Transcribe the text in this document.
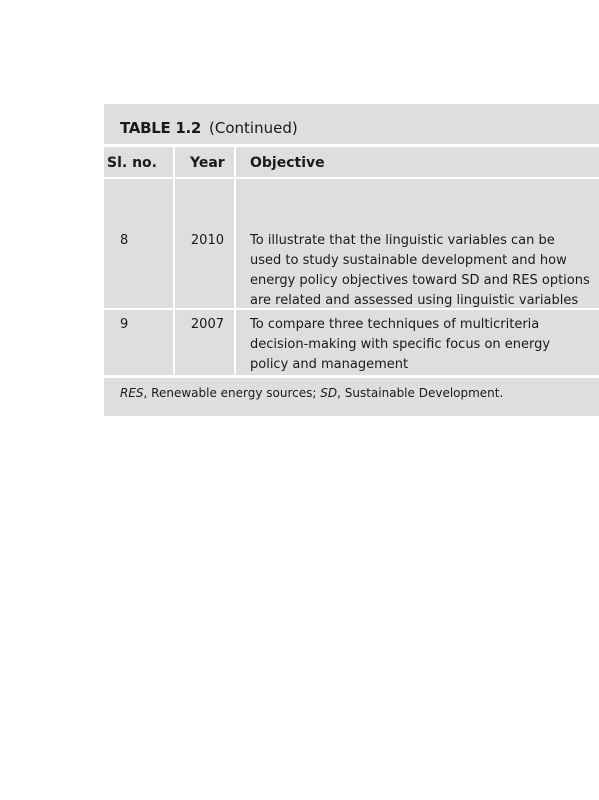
TABLE 1.2 (Continued)
Sl. no. Year Objective
8	2010 To illustrate that the linguistic variables can be used to study sustainable development and how energy policy objectives toward SD and RES options are related and assessed using linguistic variables
9	2007 To compare three techniques of multicriteria decision-making with specific focus on energy policy and management
RES, Renewable energy sources; SD, Sustainable Development.
